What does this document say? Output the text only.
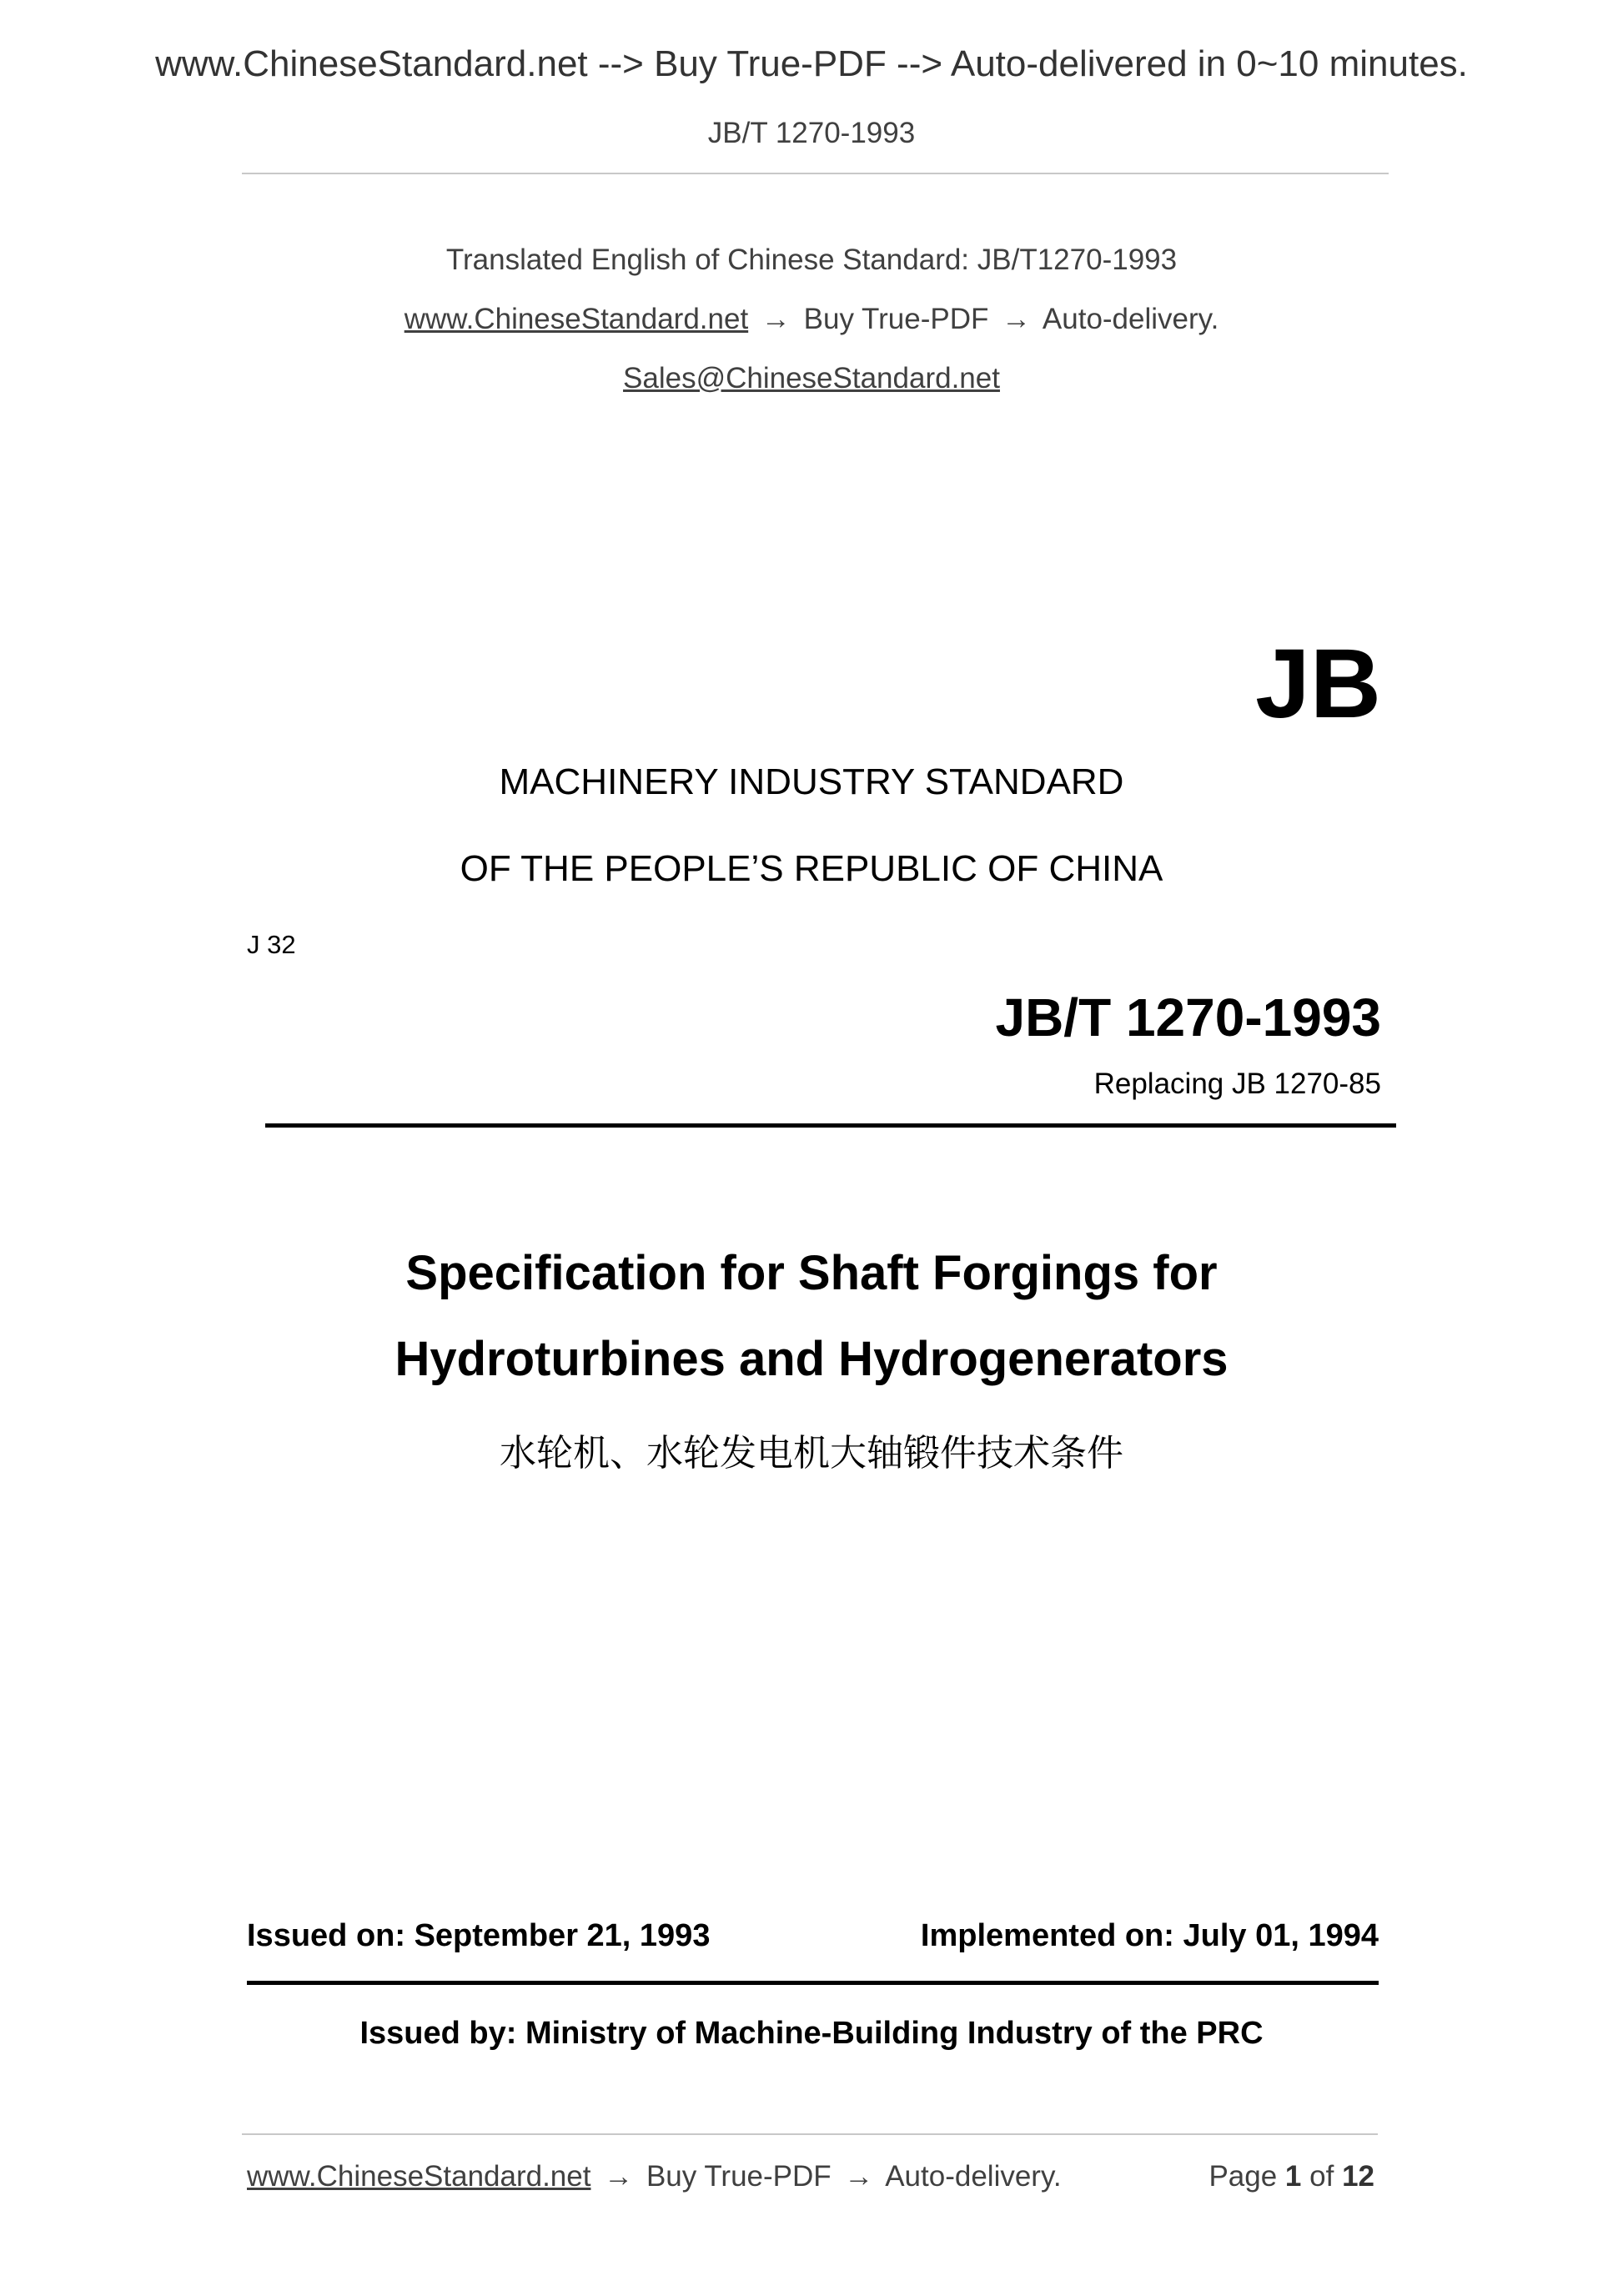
www.ChineseStandard.net --> Buy True-PDF --> Auto-delivered in 0~10 minutes.
JB/T 1270-1993
Translated English of Chinese Standard: JB/T1270-1993
www.ChineseStandard.net → Buy True-PDF → Auto-delivery.
Sales@ChineseStandard.net
JB
MACHINERY INDUSTRY STANDARD
OF THE PEOPLE’S REPUBLIC OF CHINA
J 32
JB/T 1270-1993
Replacing JB 1270-85
Specification for Shaft Forgings for
Hydroturbines and Hydrogenerators
水轮机、水轮发电机大轴锻件技术条件
Issued on: September 21, 1993	Implemented on: July 01, 1994
Issued by: Ministry of Machine-Building Industry of the PRC
www.ChineseStandard.net → Buy True-PDF → Auto-delivery.	Page 1 of 12
